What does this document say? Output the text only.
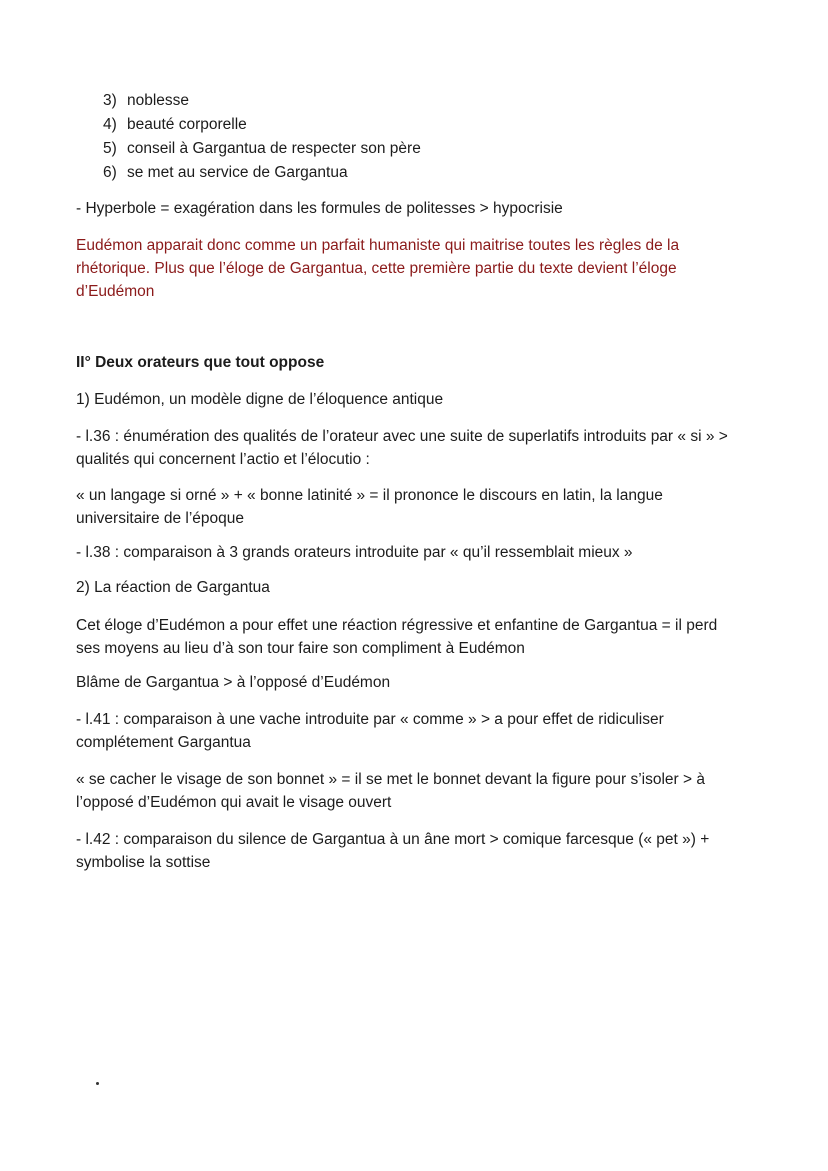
3) noblesse
4) beauté corporelle
5) conseil à Gargantua de respecter son père
6) se met au service de Gargantua
- Hyperbole = exagération dans les formules de politesses > hypocrisie
Eudémon apparait donc comme un parfait humaniste qui maitrise toutes les règles de la rhétorique. Plus que l’éloge de Gargantua, cette première partie du texte devient l’éloge d’Eudémon
II° Deux orateurs que tout oppose
1) Eudémon, un modèle digne de l’éloquence antique
- l.36 : énumération des qualités de l’orateur avec une suite de superlatifs introduits par « si » > qualités qui concernent l’actio et l’élocutio :
« un langage si orné » + « bonne latinité » = il prononce le discours en latin, la langue universitaire de l’époque
- l.38 : comparaison à 3 grands orateurs introduite par « qu’il ressemblait mieux »
2) La réaction de Gargantua
Cet éloge d’Eudémon a pour effet une réaction régressive et enfantine de Gargantua = il perd ses moyens au lieu d’à son tour faire son compliment à Eudémon
Blâme de Gargantua > à l’opposé d’Eudémon
- l.41 : comparaison à une vache introduite par « comme » > a pour effet de ridiculiser complétement Gargantua
« se cacher le visage de son bonnet » = il se met le bonnet devant la figure pour s’isoler > à l’opposé d’Eudémon qui avait le visage ouvert
- l.42 : comparaison du silence de Gargantua à un âne mort > comique farcesque (« pet ») + symbolise la sottise
